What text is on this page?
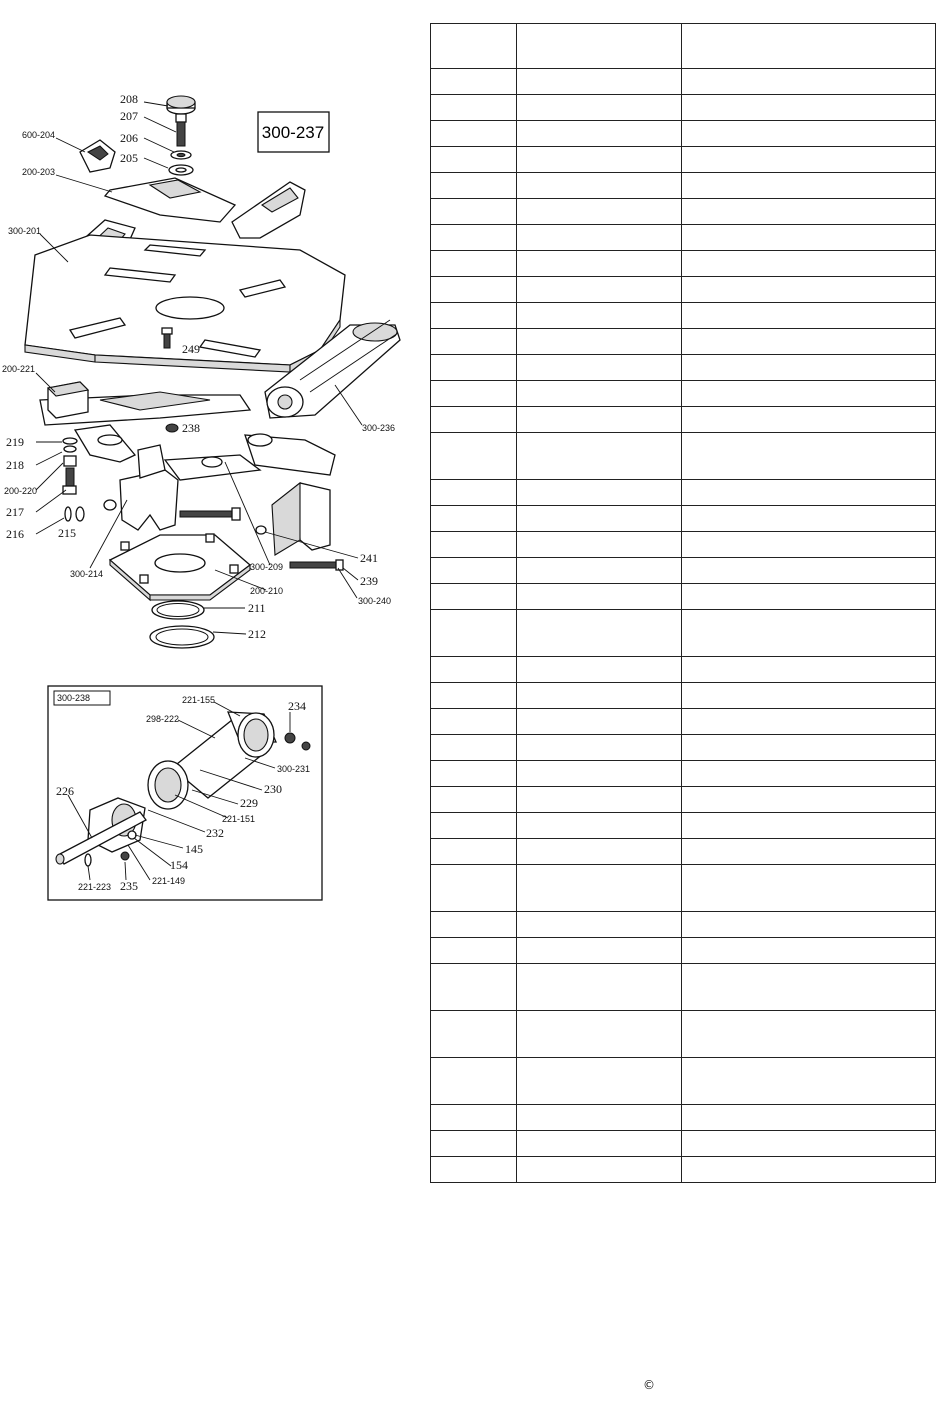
300-237
208
207
206
205
600-204
200-203
300-201
249
200-221
238	300-236
219
218
200-220
217
216	215
300-214
300-209
241
239
300-240
200-210
211
212
300-238	221-155	234
298-222
300-231
226	230
229
221-151
232
145
154
221-149
235
221-223

©
